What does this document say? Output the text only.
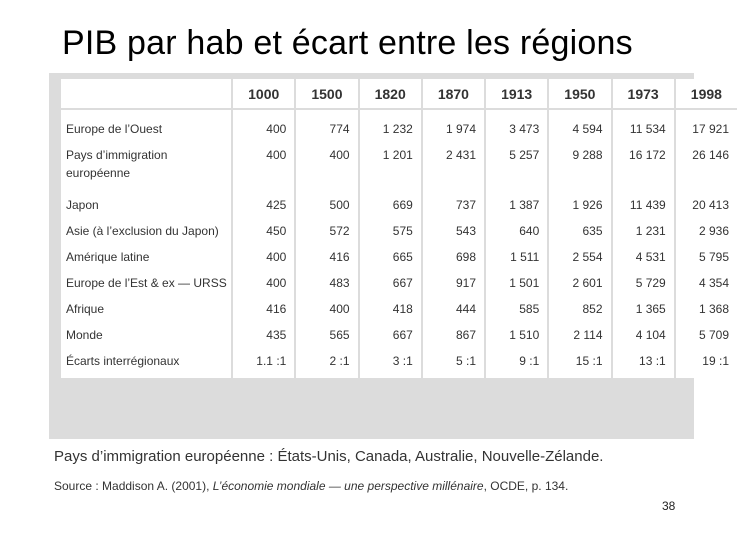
PIB par hab et écart entre les régions
	1000	1500	1820	1870	1913	1950	1973	1998
Europe de l’Ouest	400	774	1 232	1 974	3 473	4 594	11 534	17 921
Pays d’immigration européenne	400	400	1 201	2 431	5 257	9 288	16 172	26 146
Japon	425	500	669	737	1 387	1 926	11 439	20 413
Asie (à l’exclusion du Japon)	450	572	575	543	640	635	1 231	2 936
Amérique latine	400	416	665	698	1 511	2 554	4 531	5 795
Europe de l’Est & ex — URSS	400	483	667	917	1 501	2 601	5 729	4 354
Afrique	416	400	418	444	585	852	1 365	1 368
Monde	435	565	667	867	1 510	2 114	4 104	5 709
Écarts interrégionaux	1.1 :1	2 :1	3 :1	5 :1	9 :1	15 :1	13 :1	19 :1

Pays d’immigration européenne : États-Unis, Canada, Australie, Nouvelle-Zélande.

Source : Maddison A. (2001), L’économie mondiale — une perspective millénaire, OCDE, p. 134.

38
